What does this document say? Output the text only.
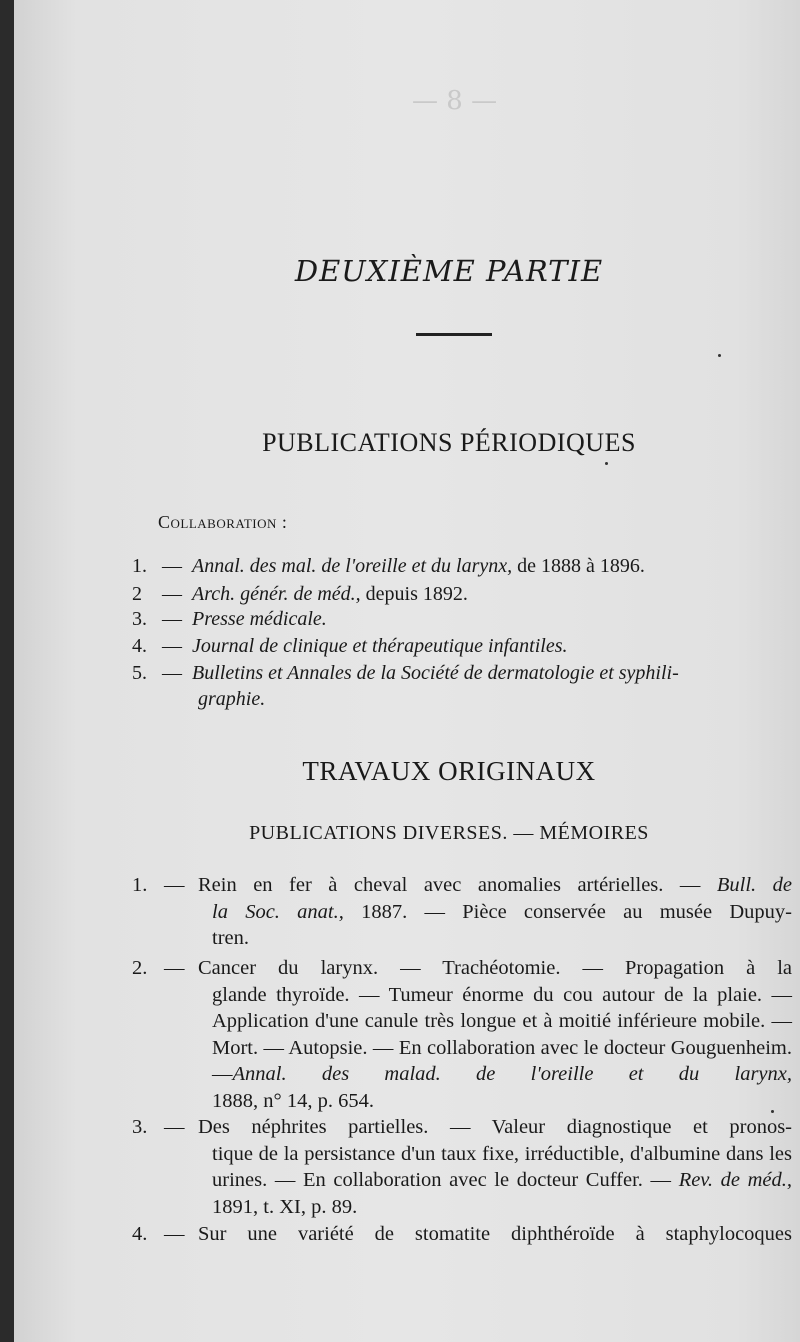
— 8 —
DEUXIÈME PARTIE
PUBLICATIONS PÉRIODIQUES
Collaboration :
1. — Annal. des mal. de l'oreille et du larynx, de 1888 à 1896.
2 — Arch. génér. de méd., depuis 1892.
3. — Presse médicale.
4. — Journal de clinique et thérapeutique infantiles.
5. — Bulletins et Annales de la Société de dermatologie et syphili-
graphie.
TRAVAUX ORIGINAUX
PUBLICATIONS DIVERSES. — MÉMOIRES
1. — Rein en fer à cheval avec anomalies artérielles. — Bull. de
la Soc. anat., 1887. — Pièce conservée au musée Dupuy-
tren.
2. — Cancer du larynx. — Trachéotomie. — Propagation à la
glande thyroïde. — Tumeur énorme du cou autour de la plaie. — Application d'une canule très longue et à moitié inférieure mobile. — Mort. — Autopsie. — En collaboration avec le docteur Gouguenheim.—Annal. des malad. de l'oreille et du larynx,
1888, n° 14, p. 654.
3. — Des néphrites partielles. — Valeur diagnostique et pronos-
tique de la persistance d'un taux fixe, irréductible, d'albumine dans les urines. — En collaboration avec le docteur Cuffer. — Rev. de méd.,
1891, t. XI, p. 89.
4. — Sur une variété de stomatite diphthéroïde à staphylocoques
